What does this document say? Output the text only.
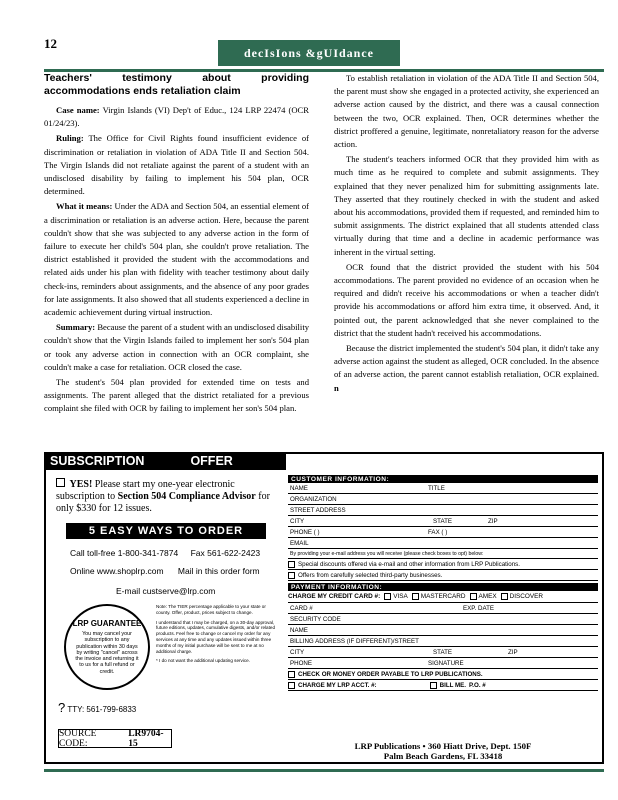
12
decIsIons &gUIdance
Teachers' testimony about providing accommodations ends retaliation claim

Case name: Virgin Islands (VI) Dep't of Educ., 124 LRP 22474 (OCR 01/24/23).

Ruling: The Office for Civil Rights found insufficient evidence of discrimination or retaliation in violation of ADA Title II and Section 504. The Virgin Islands did not retaliate against the parent of a student with an undisclosed disability by failing to implement his 504 plan, OCR determined.

What it means: Under the ADA and Section 504, an essential element of a discrimination or retaliation is an adverse action. Here, because the parent couldn't show that she was subjected to any adverse action in the form of failure to execute her child's 504 plan, she couldn't prove retaliation. The district established it provided the student with the accommodations and related aids under his plan with fidelity with teacher testimony about daily check-ins, reminders about assignments, and the absence of any poor grades for late assignments. It also showed that all students experienced a decline in academic achievement during virtual instruction.

Summary: Because the parent of a student with an undisclosed disability couldn't show that the Virgin Islands failed to implement her son's 504 plan or took any adverse action in connection with an OCR complaint, she couldn't make a case for retaliation. OCR closed the case.

The student's 504 plan provided for extended time on tests and assignments. The parent alleged that the district retaliated for a previous complaint she filed with OCR by failing to implement her son's 504 plan.

To establish retaliation in violation of the ADA Title II and Section 504, the parent must show she engaged in a protected activity, she experienced an adverse action caused by the district, and there was a causal connection between the two, OCR explained. Then, OCR determines whether the district proffered a genuine, legitimate, nonretaliatory reason for the adverse action.

The student's teachers informed OCR that they provided him with as much time as he required to complete and submit assignments. They explained that they never penalized him for submitting assignments late. They asserted that they routinely checked in with the student and asked about his accommodations, provided them if requested, and reminded him to submit assignments. The district explained that all students attended class virtually during that time and a decline in academic performance was inherent in the virtual setting.

OCR found that the district provided the student with his 504 accommodations. The parent provided no evidence of an occasion when he required and didn't receive his accommodations or when a teacher didn't provide his accommodations or afford him extra time, it observed. And, it pointed out, the parent acknowledged that she never complained to the district that the student hadn't received his accommodations.

Because the district implemented the student's 504 plan, it didn't take any adverse action against the student as alleged, OCR concluded. In the absence of an adverse action, the parent cannot establish retaliation, OCR explained. n

SUBSCRIPTION	OFFER
YES! Please start my one-year electronic subscription to Section 504 Compliance Advisor for only $330 for 12 issues.
5 EASY WAYS TO ORDER
Call toll-free 1-800-341-7874 Fax 561-622-2423
Online www.shoplrp.com Mail in this order form
E-mail custserve@lrp.com
LRP GUARANTEE
You may cancel your subscription to any publication within 30 days by writing "cancel" across the invoice and returning it to us for a full refund or credit.

Note: The TIER percentage applicable to your state or county. Offer, product, prices subject to change.

I understand that I may be charged, on a 30-day approval, future editions, updates, cumulative digests, and/or related products. Feel free to change or cancel my order for any services at any time and any updates issued within three months of my initial purchase will be sent to me at no additional charge.

* I do not want the additional updating service.

? TTY: 561-799-6833
SOURCE CODE:
LR9704-15
CUSTOMER INFORMATION:
NAME	TITLE
ORGANIZATION
STREET ADDRESS
CITY	STATE	ZIP
PHONE ( )	FAX ( )
EMAIL
By providing your e-mail address you will receive (please check boxes to opt) below:
Special discounts offered via e-mail and other information from LRP Publications.
Offers from carefully selected third-party businesses.
PAYMENT INFORMATION:
CHARGE MY CREDIT CARD #: VISA MASTERCARD AMEX DISCOVER
CARD #	EXP. DATE
SECURITY CODE
NAME
BILLING ADDRESS (IF DIFFERENT)/STREET
CITY	STATE	ZIP
PHONE	SIGNATURE
CHECK OR MONEY ORDER PAYABLE TO LRP PUBLICATIONS.
CHARGE MY LRP ACCT. #:	BILL ME. P.O. #
LRP Publications • 360 Hiatt Drive, Dept. 150F
Palm Beach Gardens, FL 33418
